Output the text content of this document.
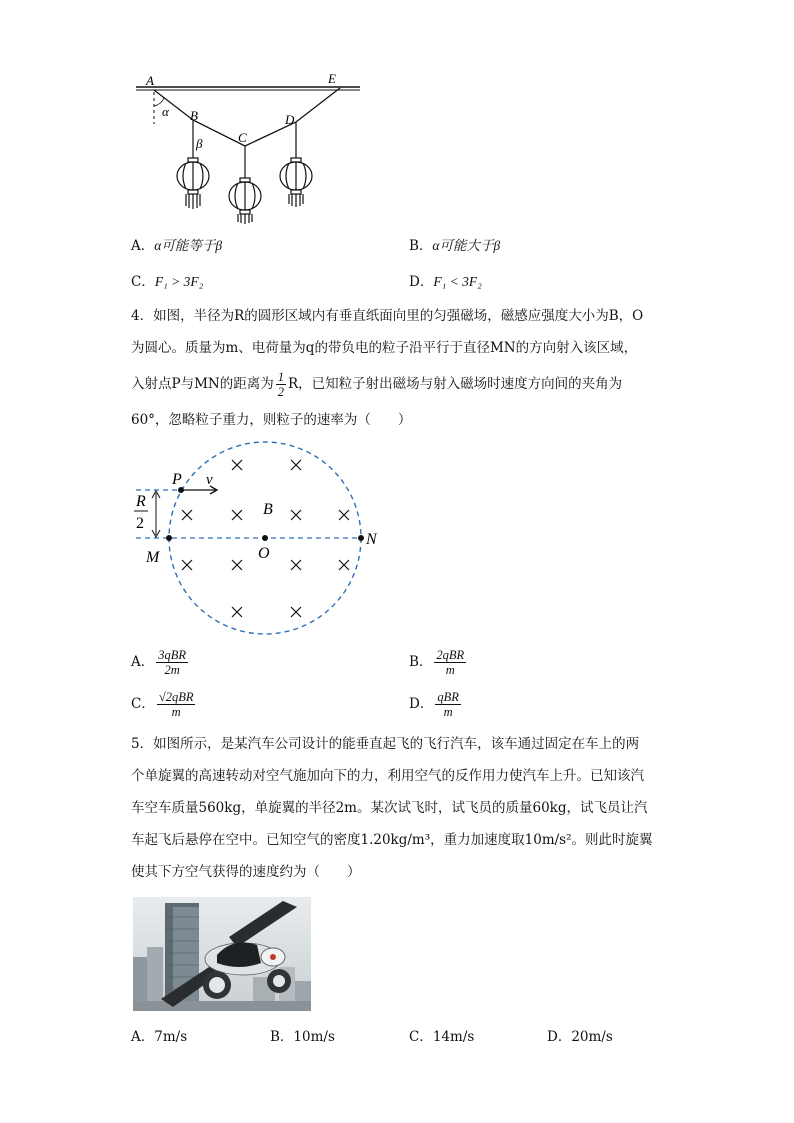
A	E
B
C
D
α
β
A．α可能等于β	B．α可能大于β
C．F₁ > 3F₂	D．F₁ < 3F₂
4．如图，半径为R的圆形区域内有垂直纸面向里的匀强磁场，磁感应强度大小为B，O
为圆心。质量为m、电荷量为q的带负电的粒子沿平行于直径MN的方向射入该区域，
入射点P与MN的距离为 $\frac{1}{2}$ R，已知粒子射出磁场与射入磁场时速度方向间的夹角为
60°，忽略粒子重力，则粒子的速率为（　　）
P v
B
O
M
N
R
2
A． $\frac{\text{3qBR}}{2m}$	B． $\frac{\text{2qBR}}{m}$
C． $\frac{\text{√2qBR}}{m}$	D． $\frac{\text{qBR}}{m}$
5．如图所示，是某汽车公司设计的能垂直起飞的飞行汽车，该车通过固定在车上的两
个单旋翼的高速转动对空气施加向下的力，利用空气的反作用力使汽车上升。已知该汽
车空车质量560kg，单旋翼的半径2m。某次试飞时，试飞员的质量60kg，试飞员让汽
车起飞后悬停在空中。已知空气的密度1.20kg/m³，重力加速度取10m/s²。则此时旋翼
使其下方空气获得的速度约为（　　）
A．7m/s	B．10m/s	C．14m/s	D．20m/s
